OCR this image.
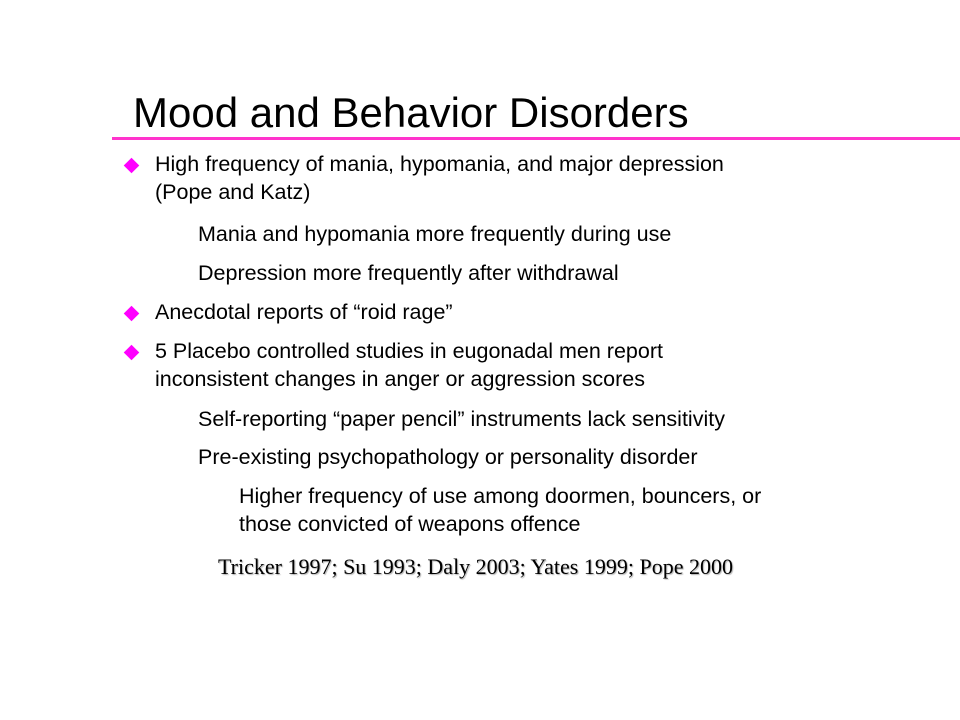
Mood and Behavior Disorders
High frequency of mania, hypomania, and major depression
(Pope and Katz)
Mania and hypomania more frequently during use
Depression more frequently after withdrawal
Anecdotal reports of “roid rage”
5 Placebo controlled studies in eugonadal men report
inconsistent changes in anger or aggression scores
Self-reporting “paper pencil” instruments lack sensitivity
Pre-existing psychopathology or personality disorder
Higher frequency of use among doormen, bouncers, or
those convicted of weapons offence
Tricker 1997; Su 1993; Daly 2003; Yates 1999; Pope 2000
